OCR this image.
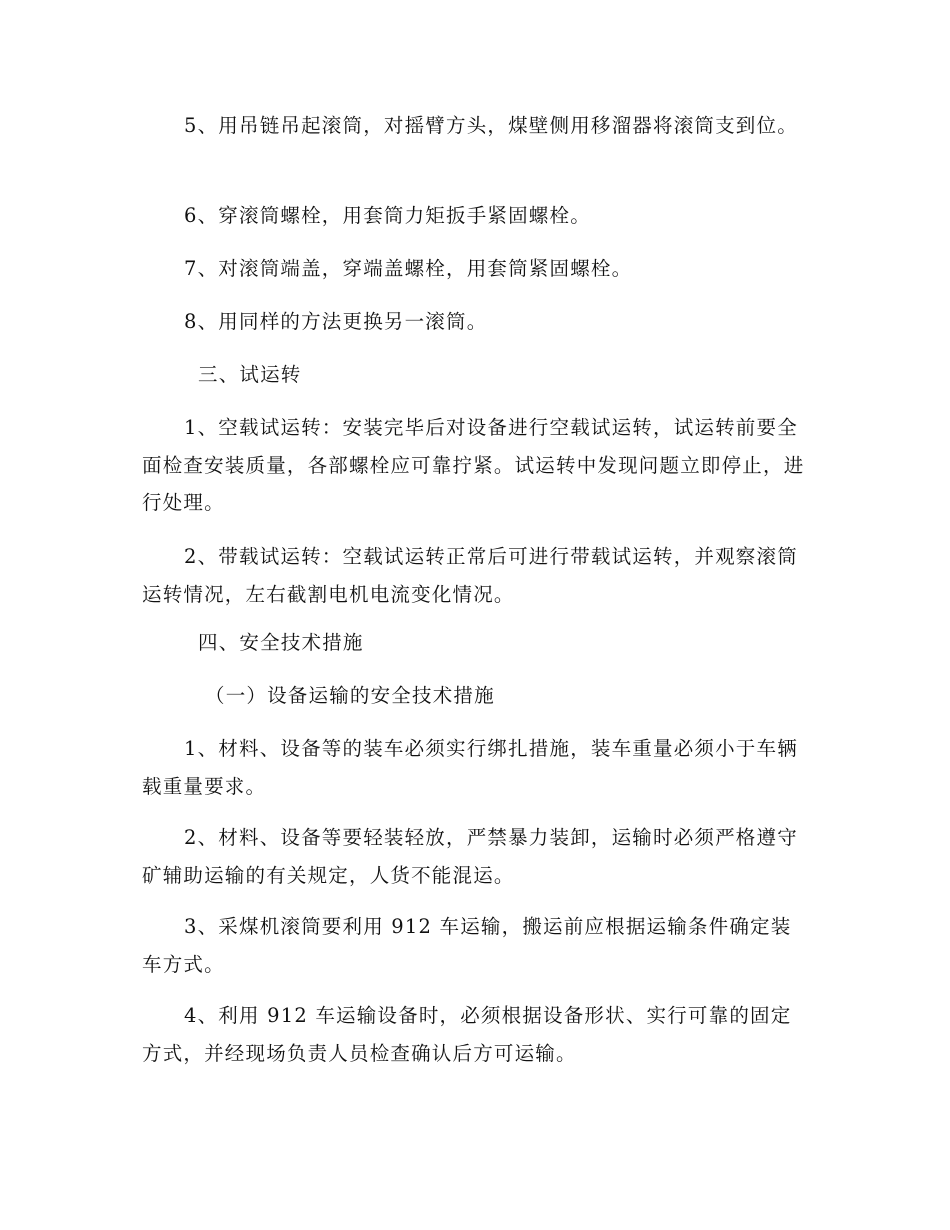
5、用吊链吊起滚筒，对摇臂方头，煤壁侧用移溜器将滚筒支到位。

6、穿滚筒螺栓，用套筒力矩扳手紧固螺栓。

7、对滚筒端盖，穿端盖螺栓，用套筒紧固螺栓。

8、用同样的方法更换另一滚筒。

三、试运转

1、空载试运转：安装完毕后对设备进行空载试运转，试运转前要全面检查安装质量，各部螺栓应可靠拧紧。试运转中发现问题立即停止，进行处理。

2、带载试运转：空载试运转正常后可进行带载试运转，并观察滚筒运转情况，左右截割电机电流变化情况。

四、安全技术措施

（一）设备运输的安全技术措施

1、材料、设备等的装车必须实行绑扎措施，装车重量必须小于车辆载重量要求。

2、材料、设备等要轻装轻放，严禁暴力装卸，运输时必须严格遵守矿辅助运输的有关规定，人货不能混运。

3、采煤机滚筒要利用 912 车运输，搬运前应根据运输条件确定装车方式。

4、利用 912 车运输设备时，必须根据设备形状、实行可靠的固定方式，并经现场负责人员检查确认后方可运输。
